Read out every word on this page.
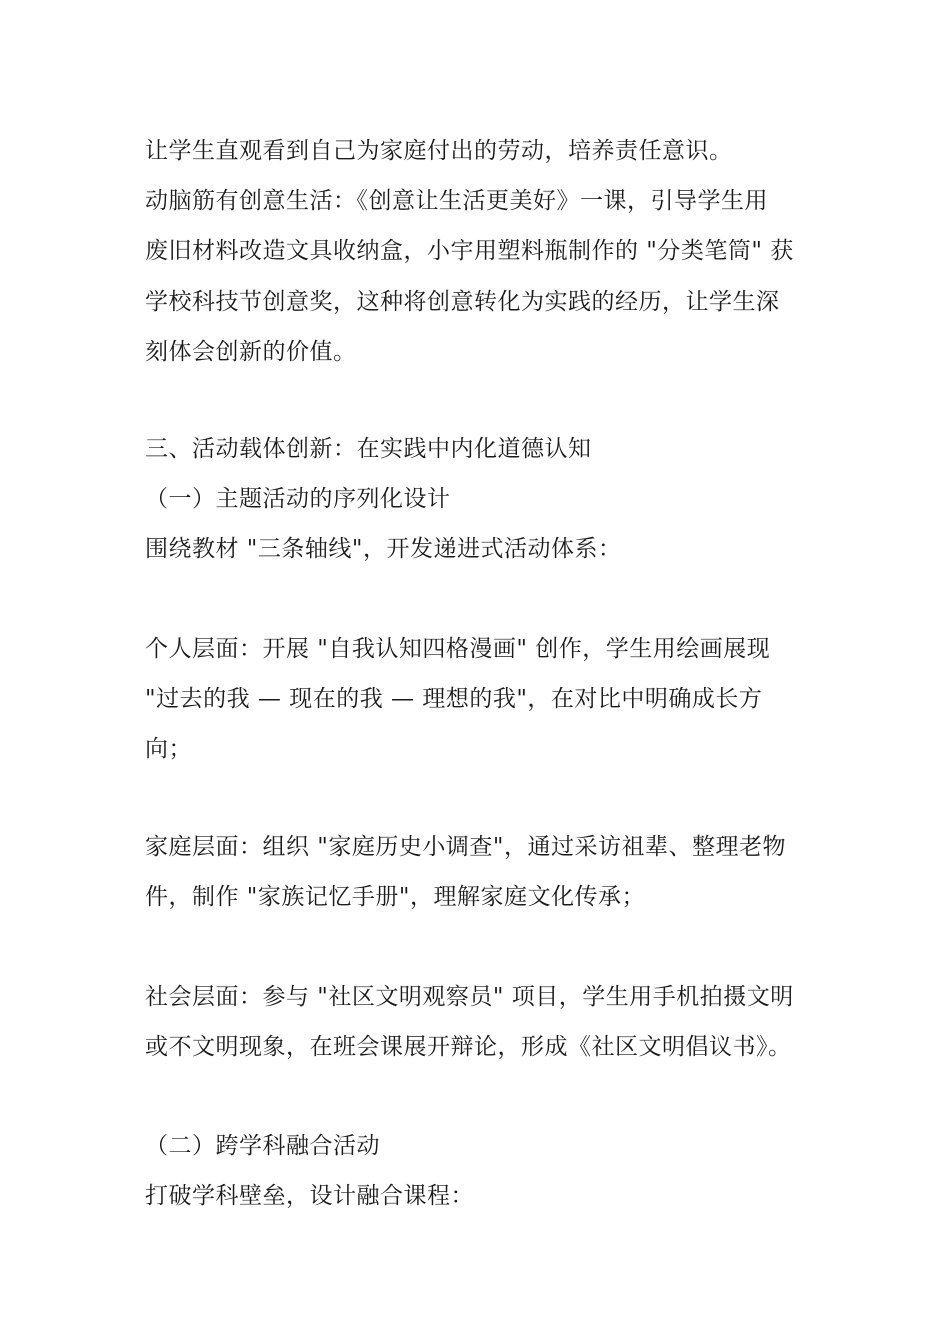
让学生直观看到自己为家庭付出的劳动，培养责任意识。
动脑筋有创意生活：《创意让生活更美好》一课，引导学生用
废旧材料改造文具收纳盒，小宇用塑料瓶制作的 "分类笔筒" 获
学校科技节创意奖，这种将创意转化为实践的经历，让学生深
刻体会创新的价值。
三、活动载体创新：在实践中内化道德认知
（一）主题活动的序列化设计
围绕教材 "三条轴线"，开发递进式活动体系：
个人层面：开展 "自我认知四格漫画" 创作，学生用绘画展现
"过去的我 — 现在的我 — 理想的我"，在对比中明确成长方
向；
家庭层面：组织 "家庭历史小调查"，通过采访祖辈、整理老物
件，制作 "家族记忆手册"，理解家庭文化传承；
社会层面：参与 "社区文明观察员" 项目，学生用手机拍摄文明
或不文明现象，在班会课展开辩论，形成《社区文明倡议书》。
（二）跨学科融合活动
打破学科壁垒，设计融合课程：
